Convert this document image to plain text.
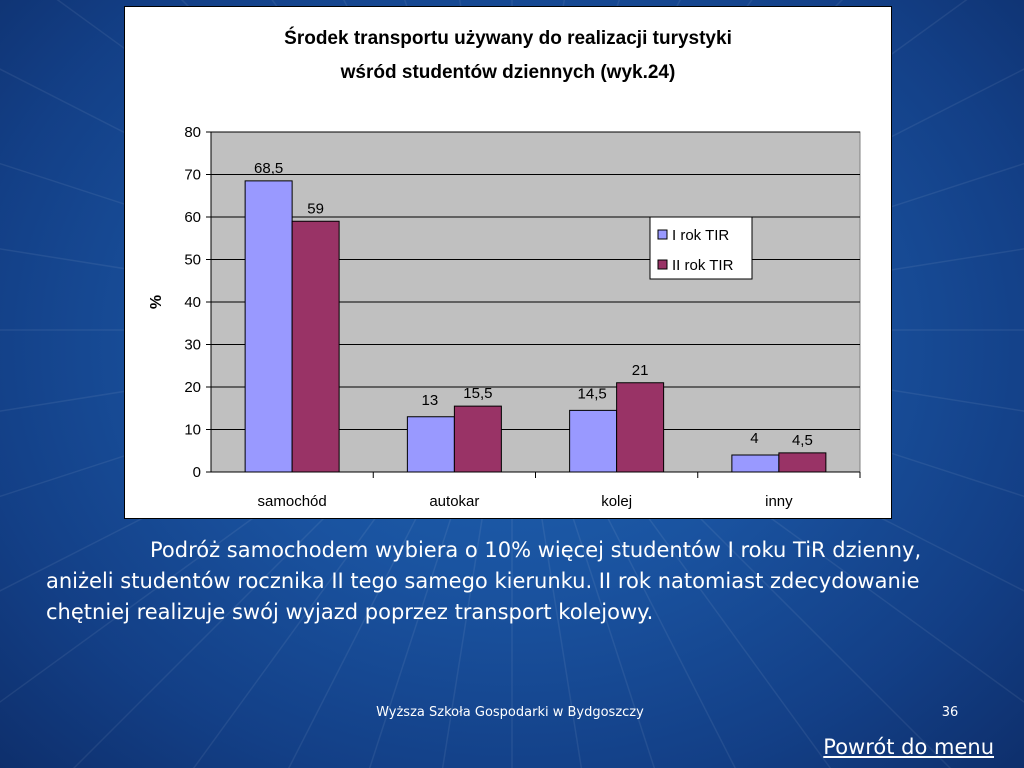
Środek transportu używany do realizacji turystyki
wśród studentów dziennych (wyk.24)
0
10
20
30
40
50
60
70
80
%
68,5
59
samochód
13 15,5
autokar
14,5
21
kolej
4 4,5
inny
I rok TIR
II rok TIR
Podróż samochodem wybiera o 10% więcej studentów I roku TiR dzienny, aniżeli studentów rocznika II tego samego kierunku. II rok natomiast zdecydowanie chętniej realizuje swój wyjazd poprzez transport kolejowy.
Wyższa Szkoła Gospodarki w Bydgoszczy	36
Powrót do menu
